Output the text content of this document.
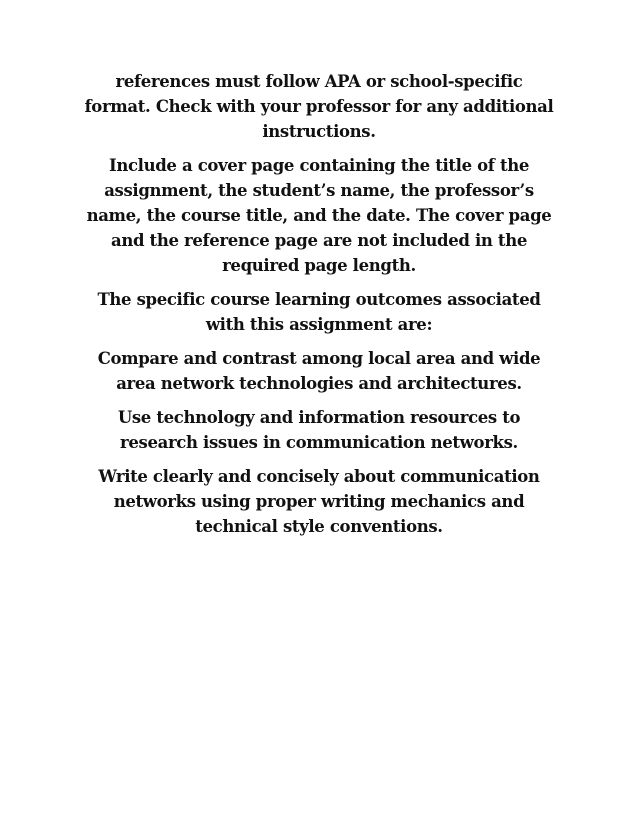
references must follow APA or school-specific format. Check with your professor for any additional instructions.

Include a cover page containing the title of the assignment, the student’s name, the professor’s name, the course title, and the date. The cover page and the reference page are not included in the required page length.

The specific course learning outcomes associated with this assignment are:

Compare and contrast among local area and wide area network technologies and architectures.

Use technology and information resources to research issues in communication networks.

Write clearly and concisely about communication networks using proper writing mechanics and technical style conventions.
